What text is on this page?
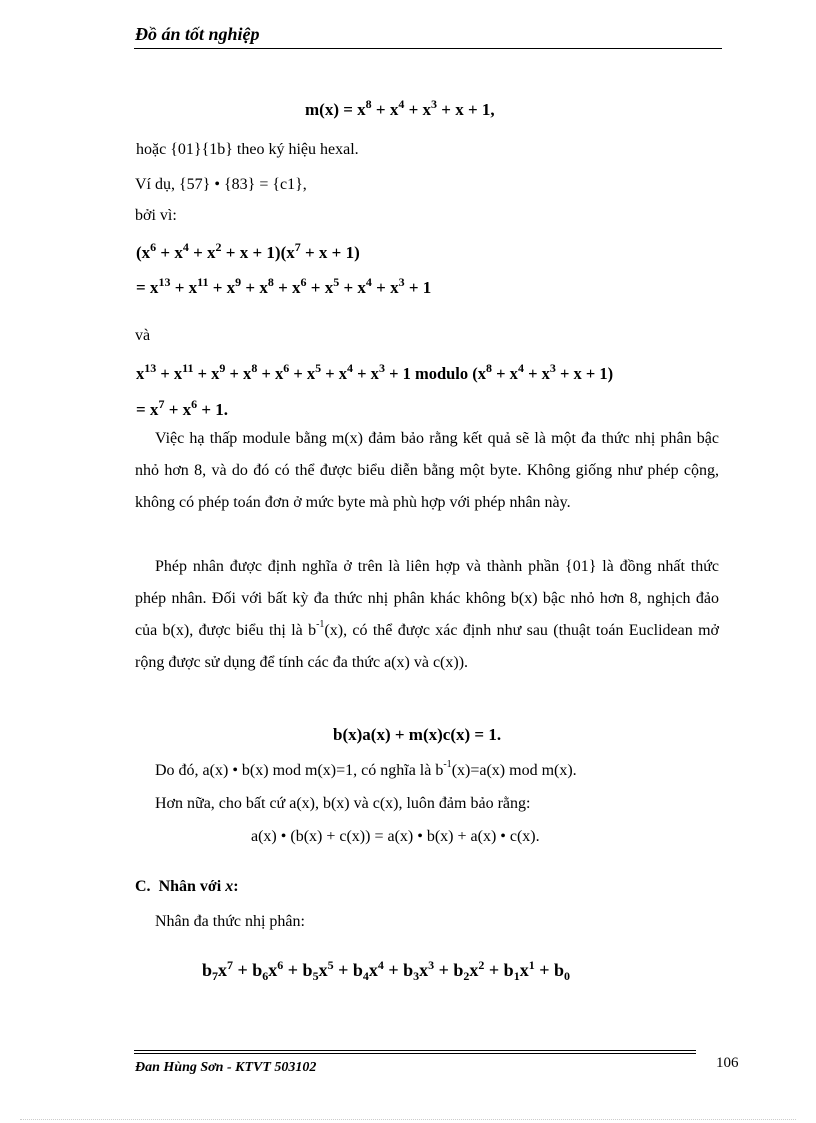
Đồ án tốt nghiệp
$m(x) = x^8 + x^4 + x^3 + x + 1$,
hoặc {01}{1b} theo ký hiệu hexal.
Ví dụ, {57} • {83} = {c1},
bởi vì:
$(x^6 + x^4 + x^2 + x + 1)(x^7 + x + 1)$
= $x^{13} + x^{11} + x^9 + x^8 + x^6 + x^5 + x^4 + x^3 + 1$
và
$x^{13} + x^{11} + x^9 + x^8 + x^6 + x^5 + x^4 + x^3 + 1$ modulo $(x^8 + x^4 + x^3 + x + 1)$
= $x^7 + x^6 + 1$.
Việc hạ thấp module bằng m(x) đảm bảo rằng kết quả sẽ là một đa thức nhị phân bậc nhỏ hơn 8, và do đó có thể được biểu diễn bằng một byte. Không giống như phép cộng, không có phép toán đơn ở mức byte mà phù hợp với phép nhân này.
Phép nhân được định nghĩa ở trên là liên hợp và thành phần {01} là đồng nhất thức phép nhân. Đối với bất kỳ đa thức nhị phân khác không b(x) bậc nhỏ hơn 8, nghịch đảo của b(x), được biểu thị là $b^{-1}(x)$, có thể được xác định như sau (thuật toán Euclidean mở rộng được sử dụng để tính các đa thức a(x) và c(x)).
b(x)a(x) + m(x)c(x) = 1.
Do đó, a(x) • b(x) mod m(x)=1, có nghĩa là $b^{-1}(x)=a(x)$ mod m(x).
Hơn nữa, cho bất cứ a(x), b(x) và c(x), luôn đảm bảo rằng:
a(x) • (b(x) + c(x)) = a(x) • b(x) + a(x) • c(x).
C. Nhân với x:
Nhân đa thức nhị phân:
$b_7x^7 + b_6x^6 + b_5x^5 + b_4x^4 + b_3x^3 + b_2x^2 + b_1x^1 + b_0$
Đan Hùng Sơn - KTVT 503102	106
